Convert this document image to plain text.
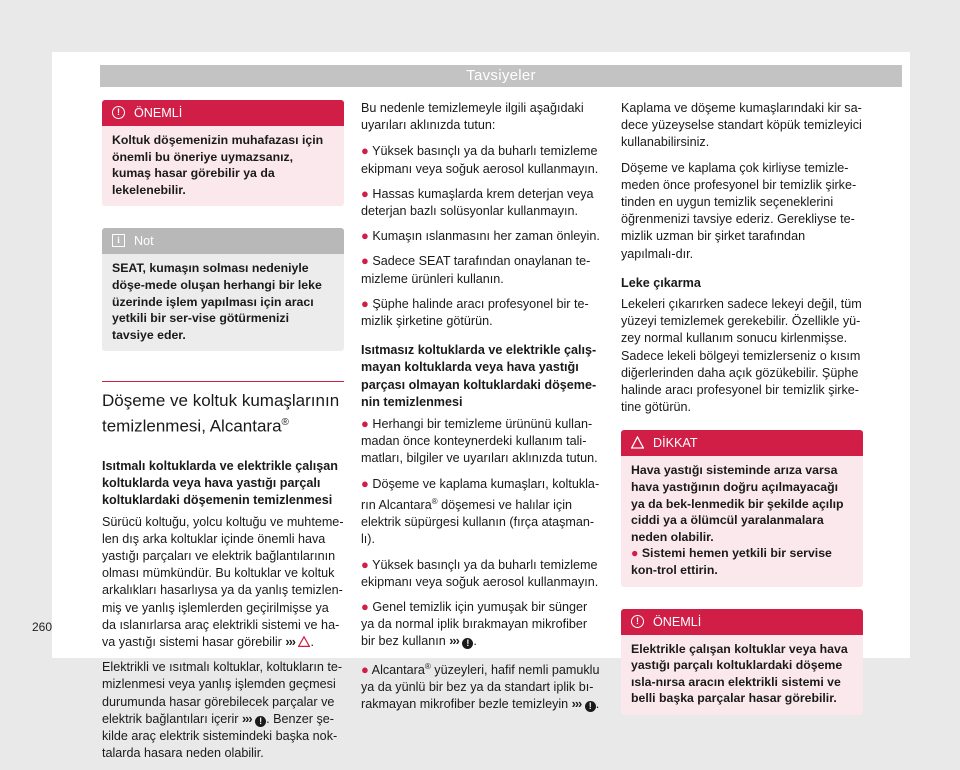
Tavsiyeler
!	ÖNEMLİ
Koltuk döşemenizin muhafazası için önemli bu öneriye uymazsanız, kumaş hasar görebilir ya da lekelenebilir.
i	Not
SEAT, kumaşın solması nedeniyle döşe-mede oluşan herhangi bir leke üzerinde işlem yapılması için aracı yetkili bir ser-vise götürmenizi tavsiye eder.
Döşeme ve koltuk kumaşlarının temizlenmesi, Alcantara®

Isıtmalı koltuklarda ve elektrikle çalışan koltuklarda veya hava yastığı parçalı koltuklardaki döşemenin temizlenmesi

Sürücü koltuğu, yolcu koltuğu ve muhteme-len dış arka koltuklar içinde önemli hava yastığı parçaları ve elektrik bağlantılarının olması mümkündür. Bu koltuklar ve koltuk arkalıkları hasarlıysa ya da yanlış temizlen-miş ve yanlış işlemlerden geçirilmişse ya da ıslanırlarsa araç elektrikli sistemi ve ha-va yastığı sistemi hasar görebilir ››› .

Elektrikli ve ısıtmalı koltuklar, koltukların te-mizlenmesi veya yanlış işlemden geçmesi durumunda hasar görebilecek parçalar ve elektrik bağlantıları içerir ››› ! . Benzer şe-kilde araç elektrik sistemindeki başka nok-talarda hasara neden olabilir.

Bu nedenle temizlemeyle ilgili aşağıdaki uyarıları aklınızda tutun:

● Yüksek basınçlı ya da buharlı temizleme ekipmanı veya soğuk aerosol kullanmayın.
● Hassas kumaşlarda krem deterjan veya deterjan bazlı solüsyonlar kullanmayın.
● Kumaşın ıslanmasını her zaman önleyin.
● Sadece SEAT tarafından onaylanan te-mizleme ürünleri kullanın.
● Şüphe halinde aracı profesyonel bir te-mizlik şirketine götürün.

Isıtmasız koltuklarda ve elektrikle çalış-mayan koltuklarda veya hava yastığı parçası olmayan koltuklardaki döşeme-nin temizlenmesi

● Herhangi bir temizleme ürününü kullan-madan önce konteynerdeki kullanım tali-matları, bilgiler ve uyarıları aklınızda tutun.
● Döşeme ve kaplama kumaşları, koltukla-rın Alcantara® döşemesi ve halılar için elektrik süpürgesi kullanın (fırça ataşman-lı).
● Yüksek basınçlı ya da buharlı temizleme ekipmanı veya soğuk aerosol kullanmayın.
● Genel temizlik için yumuşak bir sünger ya da normal iplik bırakmayan mikrofiber bir bez kullanın ››› ! .
● Alcantara® yüzeyleri, hafif nemli pamuklu ya da yünlü bir bez ya da standart iplik bı-rakmayan mikrofiber bezle temizleyin ››› ! .

Kaplama ve döşeme kumaşlarındaki kir sa-dece yüzeyselse standart köpük temizleyici kullanabilirsiniz.

Döşeme ve kaplama çok kirliyse temizle-meden önce profesyonel bir temizlik şirke-tinden en uygun temizlik seçeneklerini öğrenmenizi tavsiye ederiz. Gerekliyse te-mizlik uzman bir şirket tarafından yapılmalı-dır.

Leke çıkarma

Lekeleri çıkarırken sadece lekeyi değil, tüm yüzeyi temizlemek gerekebilir. Özellikle yü-zey normal kullanım sonucu kirlenmişse. Sadece lekeli bölgeyi temizlerseniz o kısım diğerlerinden daha açık gözükebilir. Şüphe halinde aracı profesyonel bir temizlik şirke-tine götürün.

DİKKAT
Hava yastığı sisteminde arıza varsa hava yastığının doğru açılmayacağı ya da bek-lenmedik bir şekilde açılıp ciddi ya a ölümcül yaralanmalara neden olabilir.
● Sistemi hemen yetkili bir servise kon-trol ettirin.
!	ÖNEMLİ
Elektrikle çalışan koltuklar veya hava yastığı parçalı koltuklardaki döşeme ısla-nırsa aracın elektrikli sistemi ve belli başka parçalar hasar görebilir.
260
